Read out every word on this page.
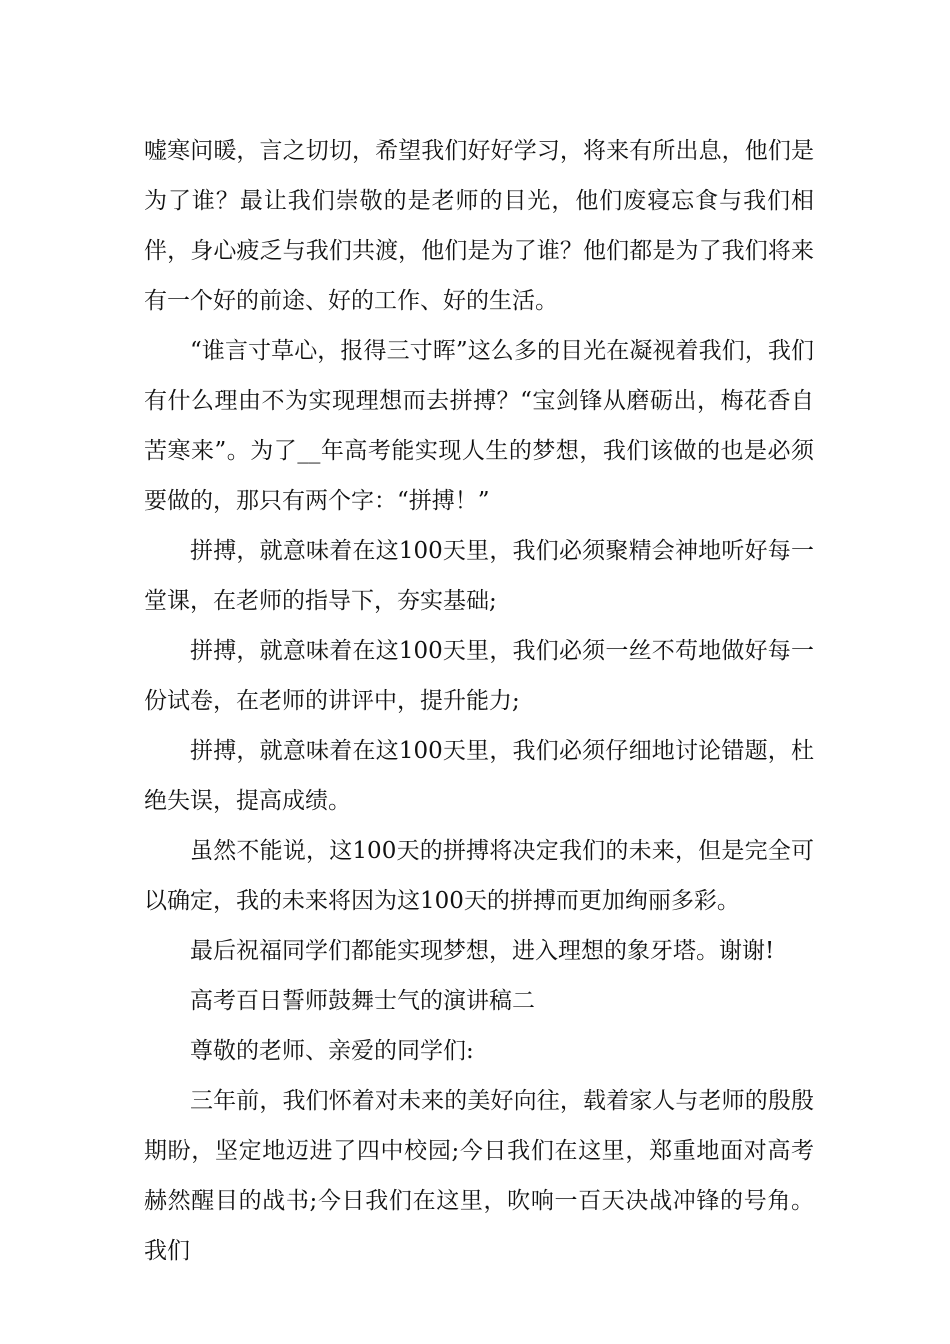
嘘寒问暖，言之切切，希望我们好好学习，将来有所出息，他们是为了谁？最让我们崇敬的是老师的目光，他们废寝忘食与我们相伴，身心疲乏与我们共渡，他们是为了谁？他们都是为了我们将来有一个好的前途、好的工作、好的生活。

“谁言寸草心，报得三寸晖”这么多的目光在凝视着我们，我们有什么理由不为实现理想而去拼搏？“宝剑锋从磨砺出，梅花香自苦寒来”。为了__年高考能实现人生的梦想，我们该做的也是必须要做的，那只有两个字：“拼搏！”

拼搏，就意味着在这100天里，我们必须聚精会神地听好每一堂课，在老师的指导下，夯实基础;

拼搏，就意味着在这100天里，我们必须一丝不苟地做好每一份试卷，在老师的讲评中，提升能力;

拼搏，就意味着在这100天里，我们必须仔细地讨论错题，杜绝失误，提高成绩。

虽然不能说，这100天的拼搏将决定我们的未来，但是完全可以确定，我的未来将因为这100天的拼搏而更加绚丽多彩。

最后祝福同学们都能实现梦想，进入理想的象牙塔。谢谢!

高考百日誓师鼓舞士气的演讲稿二

尊敬的老师、亲爱的同学们:

三年前，我们怀着对未来的美好向往，载着家人与老师的殷殷期盼，坚定地迈进了四中校园;今日我们在这里，郑重地面对高考赫然醒目的战书;今日我们在这里，吹响一百天决战冲锋的号角。我们
